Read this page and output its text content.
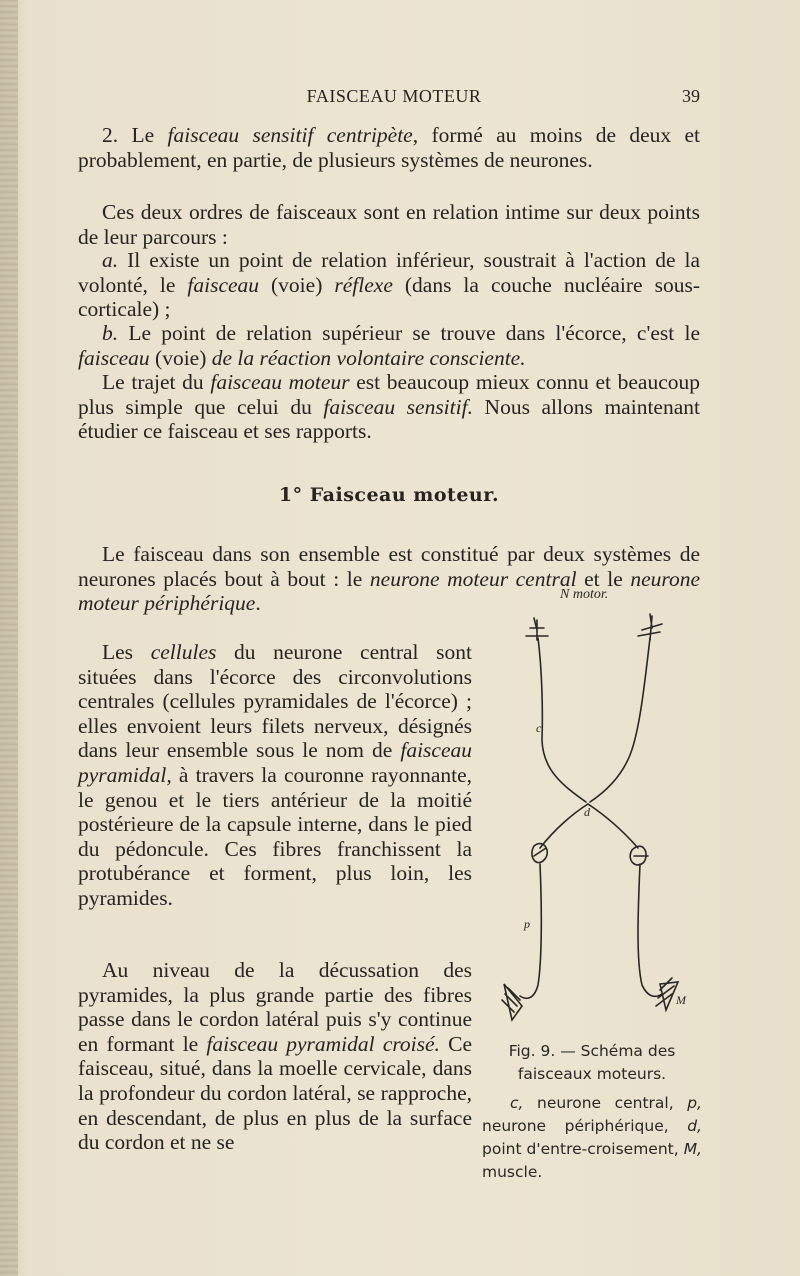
FAISCEAU MOTEUR	39

2. Le faisceau sensitif centripète, formé au moins de deux et probablement, en partie, de plusieurs systèmes de neurones.

Ces deux ordres de faisceaux sont en relation intime sur deux points de leur parcours :

a. Il existe un point de relation inférieur, soustrait à l'action de la volonté, le faisceau (voie) réflexe (dans la couche nucléaire sous-corticale) ;

b. Le point de relation supérieur se trouve dans l'écorce, c'est le faisceau (voie) de la réaction volontaire consciente.

Le trajet du faisceau moteur est beaucoup mieux connu et beaucoup plus simple que celui du faisceau sensitif. Nous allons maintenant étudier ce faisceau et ses rapports.

1° Faisceau moteur.

Le faisceau dans son ensemble est constitué par deux systèmes de neurones placés bout à bout : le neurone moteur central et le neurone moteur périphérique.

Les cellules du neurone central sont situées dans l'écorce des circonvolutions centrales (cellules pyramidales de l'écorce) ; elles envoient leurs filets nerveux, désignés dans leur ensemble sous le nom de faisceau pyramidal, à travers la couronne rayonnante, le genou et le tiers antérieur de la moitié postérieure de la capsule interne, dans le pied du pédoncule. Ces fibres franchissent la protubérance et forment, plus loin, les pyramides.

Au niveau de la décussation des pyramides, la plus grande partie des fibres passe dans le cordon latéral puis s'y continue en formant le faisceau pyramidal croisé. Ce faisceau, situé, dans la moelle cervicale, dans la profondeur du cordon latéral, se rapproche, en descendant, de plus en plus de la surface du cordon et ne se

N motor.
c
d
p
M

Fig. 9. — Schéma des faisceaux moteurs.

c, neurone central, p, neurone périphérique, d, point d'entre-croisement, M, muscle.
